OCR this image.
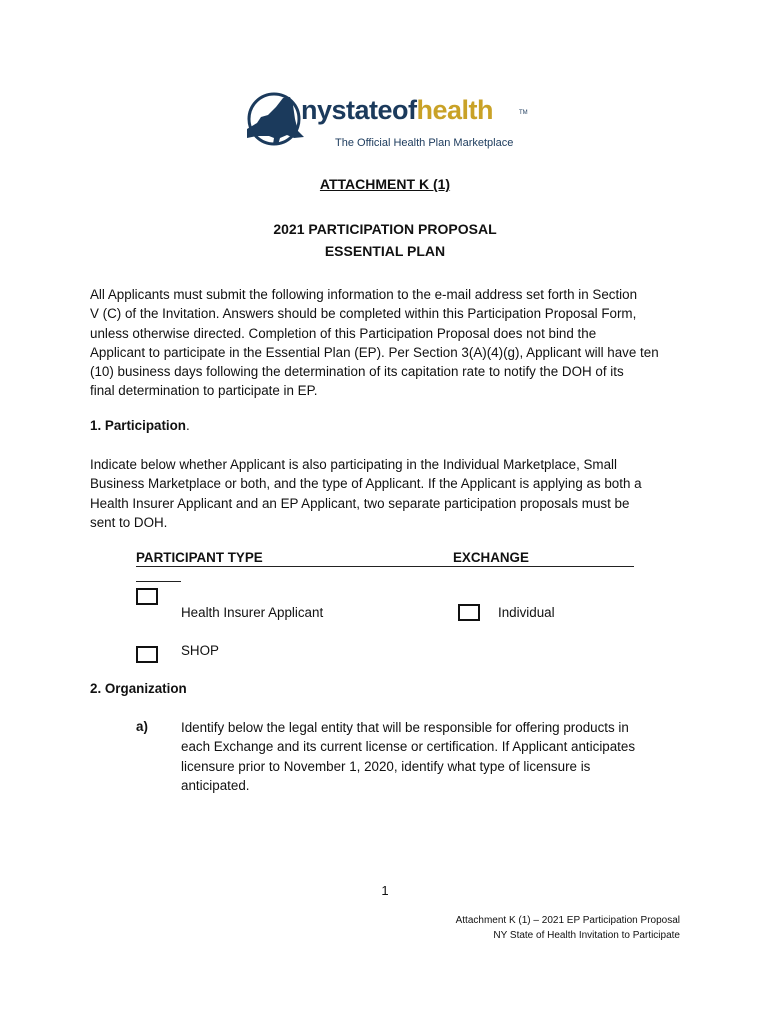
nystateofhealth	TM
The Official Health Plan Marketplace
ATTACHMENT K (1)
2021 PARTICIPATION PROPOSAL
ESSENTIAL PLAN
All Applicants must submit the following information to the e-mail address set forth in Section
V (C) of the Invitation. Answers should be completed within this Participation Proposal Form,
unless otherwise directed. Completion of this Participation Proposal does not bind the
Applicant to participate in the Essential Plan (EP). Per Section 3(A)(4)(g), Applicant will have ten
(10) business days following the determination of its capitation rate to notify the DOH of its
final determination to participate in EP.
1. Participation.
Indicate below whether Applicant is also participating in the Individual Marketplace, Small
Business Marketplace or both, and the type of Applicant. If the Applicant is applying as both a
Health Insurer Applicant and an EP Applicant, two separate participation proposals must be
sent to DOH.
PARTICIPANT TYPE	EXCHANGE
Health Insurer Applicant	Individual
SHOP
2. Organization
a) Identify below the legal entity that will be responsible for offering products in
each Exchange and its current license or certification. If Applicant anticipates
licensure prior to November 1, 2020, identify what type of licensure is
anticipated.
1
Attachment K (1) – 2021 EP Participation Proposal
NY State of Health Invitation to Participate
